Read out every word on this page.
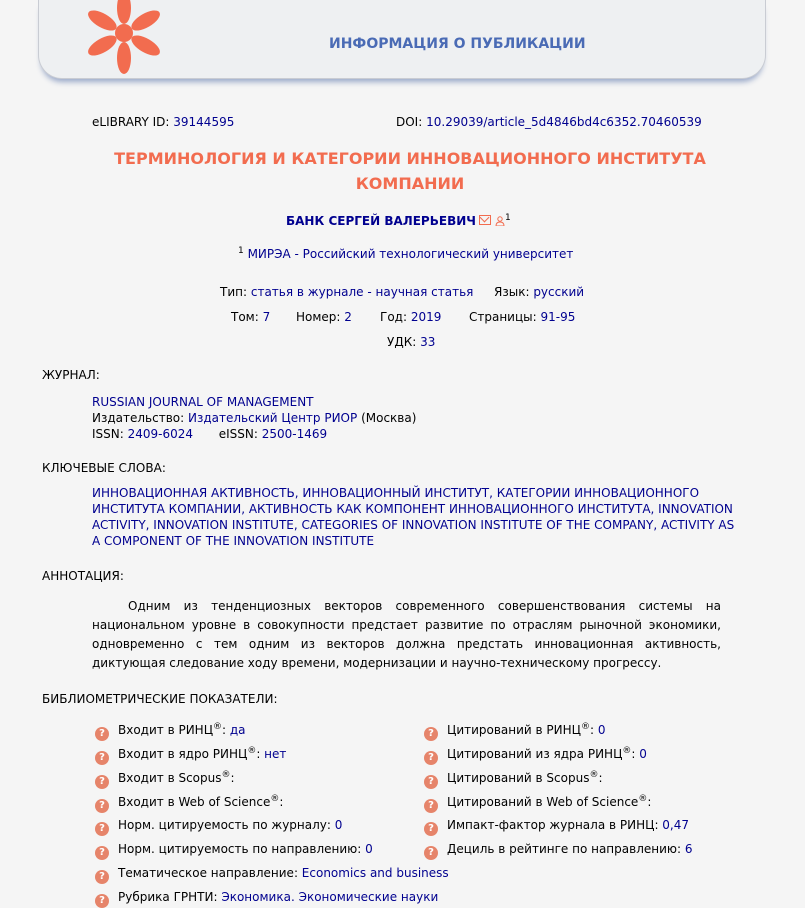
ИНФОРМАЦИЯ О ПУБЛИКАЦИИ
eLIBRARY ID: 39144595	DOI: 10.29039/article_5d4846bd4c6352.70460539
ТЕРМИНОЛОГИЯ И КАТЕГОРИИ ИННОВАЦИОННОГО ИНСТИТУТА КОМПАНИИ
БАНК СЕРГЕЙ ВАЛЕРЬЕВИЧ	$^1$
$^1$ МИРЭА - Российский технологический университет
Тип: статья в журнале - научная статья Язык: русский
Том: 7 Номер: 2 Год: 2019 Страницы: 91-95
УДК: 33
ЖУРНАЛ:
RUSSIAN JOURNAL OF MANAGEMENT
Издательство: Издательский Центр РИОР (Москва)
ISSN: 2409-6024 eISSN: 2500-1469
КЛЮЧЕВЫЕ СЛОВА:
ИННОВАЦИОННАЯ АКТИВНОСТЬ, ИННОВАЦИОННЫЙ ИНСТИТУТ, КАТЕГОРИИ ИННОВАЦИОННОГО ИНСТИТУТА КОМПАНИИ, АКТИВНОСТЬ КАК КОМПОНЕНТ ИННОВАЦИОННОГО ИНСТИТУТА, INNOVATION ACTIVITY, INNOVATION INSTITUTE, CATEGORIES OF INNOVATION INSTITUTE OF THE COMPANY, ACTIVITY AS A COMPONENT OF THE INNOVATION INSTITUTE
АННОТАЦИЯ:
Одним из тенденциозных векторов современного совершенствования системы на национальном уровне в совокупности предстает развитие по отраслям рыночной экономики, одновременно с тем одним из векторов должна предстать инновационная активность, диктующая следование ходу времени, модернизации и научно-техническому прогрессу.
БИБЛИОМЕТРИЧЕСКИЕ ПОКАЗАТЕЛИ:
? Входит в РИНЦ®: да
? Входит в ядро РИНЦ®: нет
? Входит в Scopus®:
? Входит в Web of Science®:
? Норм. цитируемость по журналу: 0
? Норм. цитируемость по направлению: 0
? Тематическое направление: Economics and business
? Рубрика ГРНТИ: Экономика. Экономические науки
? Цитирований в РИНЦ®: 0
? Цитирований из ядра РИНЦ®: 0
? Цитирований в Scopus®:
? Цитирований в Web of Science®:
? Импакт-фактор журнала в РИНЦ: 0,47
? Дециль в рейтинге по направлению: 6
